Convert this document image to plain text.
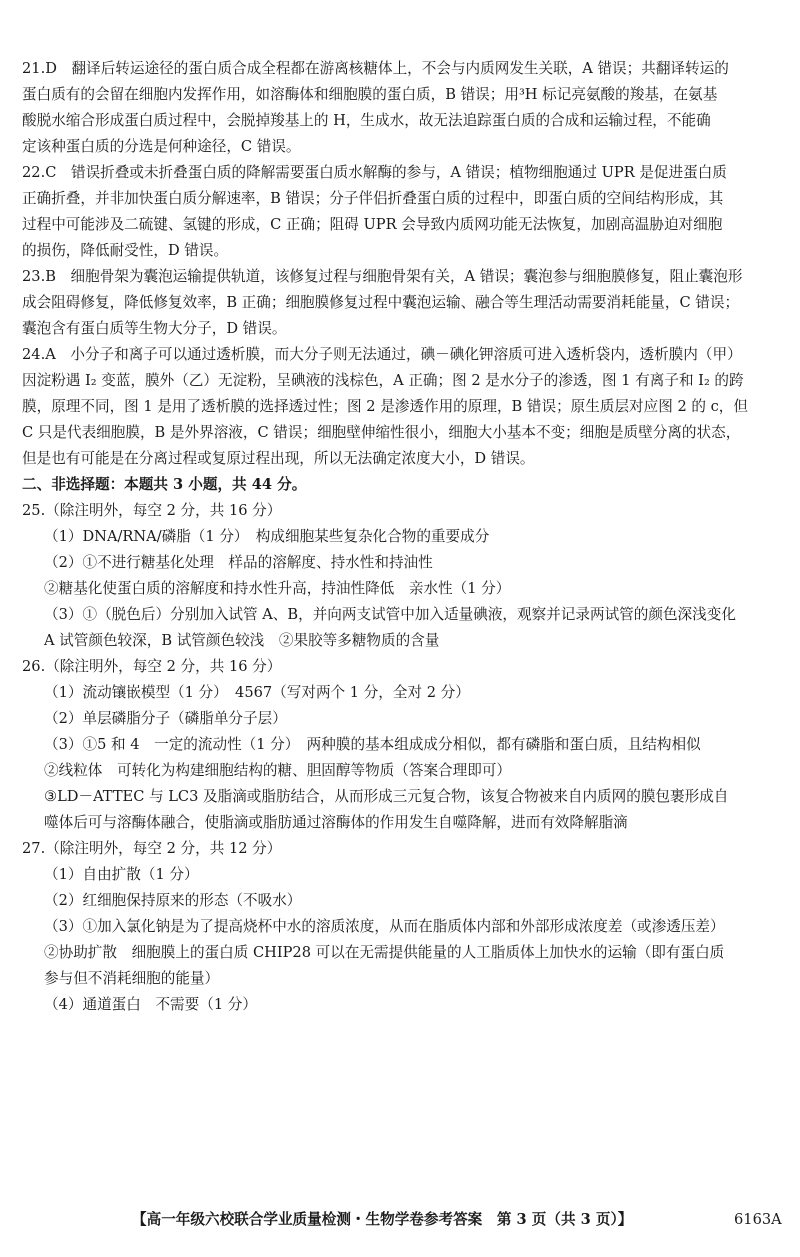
21.D　翻译后转运途径的蛋白质合成全程都在游离核糖体上，不会与内质网发生关联，A 错误；共翻译转运的
蛋白质有的会留在细胞内发挥作用，如溶酶体和细胞膜的蛋白质，B 错误；用³H 标记亮氨酸的羧基，在氨基
酸脱水缩合形成蛋白质过程中，会脱掉羧基上的 H，生成水，故无法追踪蛋白质的合成和运输过程，不能确
定该种蛋白质的分选是何种途径，C 错误。
22.C　错误折叠或未折叠蛋白质的降解需要蛋白质水解酶的参与，A 错误；植物细胞通过 UPR 是促进蛋白质
正确折叠，并非加快蛋白质分解速率，B 错误；分子伴侣折叠蛋白质的过程中，即蛋白质的空间结构形成，其
过程中可能涉及二硫键、氢键的形成，C 正确；阻碍 UPR 会导致内质网功能无法恢复，加剧高温胁迫对细胞
的损伤，降低耐受性，D 错误。
23.B　细胞骨架为囊泡运输提供轨道，该修复过程与细胞骨架有关，A 错误；囊泡参与细胞膜修复，阻止囊泡形
成会阻碍修复，降低修复效率，B 正确；细胞膜修复过程中囊泡运输、融合等生理活动需要消耗能量，C 错误；
囊泡含有蛋白质等生物大分子，D 错误。
24.A　小分子和离子可以通过透析膜，而大分子则无法通过，碘－碘化钾溶质可进入透析袋内，透析膜内（甲）
因淀粉遇 I₂ 变蓝，膜外（乙）无淀粉，呈碘液的浅棕色，A 正确；图 2 是水分子的渗透，图 1 有离子和 I₂ 的跨
膜，原理不同，图 1 是用了透析膜的选择透过性；图 2 是渗透作用的原理，B 错误；原生质层对应图 2 的 c，但
C 只是代表细胞膜，B 是外界溶液，C 错误；细胞壁伸缩性很小，细胞大小基本不变；细胞是质壁分离的状态，
但是也有可能是在分离过程或复原过程出现，所以无法确定浓度大小，D 错误。
二、非选择题：本题共 3 小题，共 44 分。
25.（除注明外，每空 2 分，共 16 分）
（1）DNA/RNA/磷脂（1 分）　构成细胞某些复杂化合物的重要成分
（2）①不进行糖基化处理　样品的溶解度、持水性和持油性
②糖基化使蛋白质的溶解度和持水性升高，持油性降低　亲水性（1 分）
（3）①（脱色后）分别加入试管 A、B，并向两支试管中加入适量碘液，观察并记录两试管的颜色深浅变化
A 试管颜色较深，B 试管颜色较浅　②果胶等多糖物质的含量
26.（除注明外，每空 2 分，共 16 分）
（1）流动镶嵌模型（1 分）　4567（写对两个 1 分，全对 2 分）
（2）单层磷脂分子（磷脂单分子层）
（3）①5 和 4　一定的流动性（1 分）　两种膜的基本组成成分相似，都有磷脂和蛋白质，且结构相似
②线粒体　可转化为构建细胞结构的糖、胆固醇等物质（答案合理即可）
③LD－ATTEC 与 LC3 及脂滴或脂肪结合，从而形成三元复合物，该复合物被来自内质网的膜包裹形成自
噬体后可与溶酶体融合，使脂滴或脂肪通过溶酶体的作用发生自噬降解，进而有效降解脂滴
27.（除注明外，每空 2 分，共 12 分）
（1）自由扩散（1 分）
（2）红细胞保持原来的形态（不吸水）
（3）①加入氯化钠是为了提高烧杯中水的溶质浓度，从而在脂质体内部和外部形成浓度差（或渗透压差）
②协助扩散　细胞膜上的蛋白质 CHIP28 可以在无需提供能量的人工脂质体上加快水的运输（即有蛋白质
参与但不消耗细胞的能量）
（4）通道蛋白　不需要（1 分）
【高一年级六校联合学业质量检测・生物学卷参考答案　第 3 页（共 3 页）】	6163A
